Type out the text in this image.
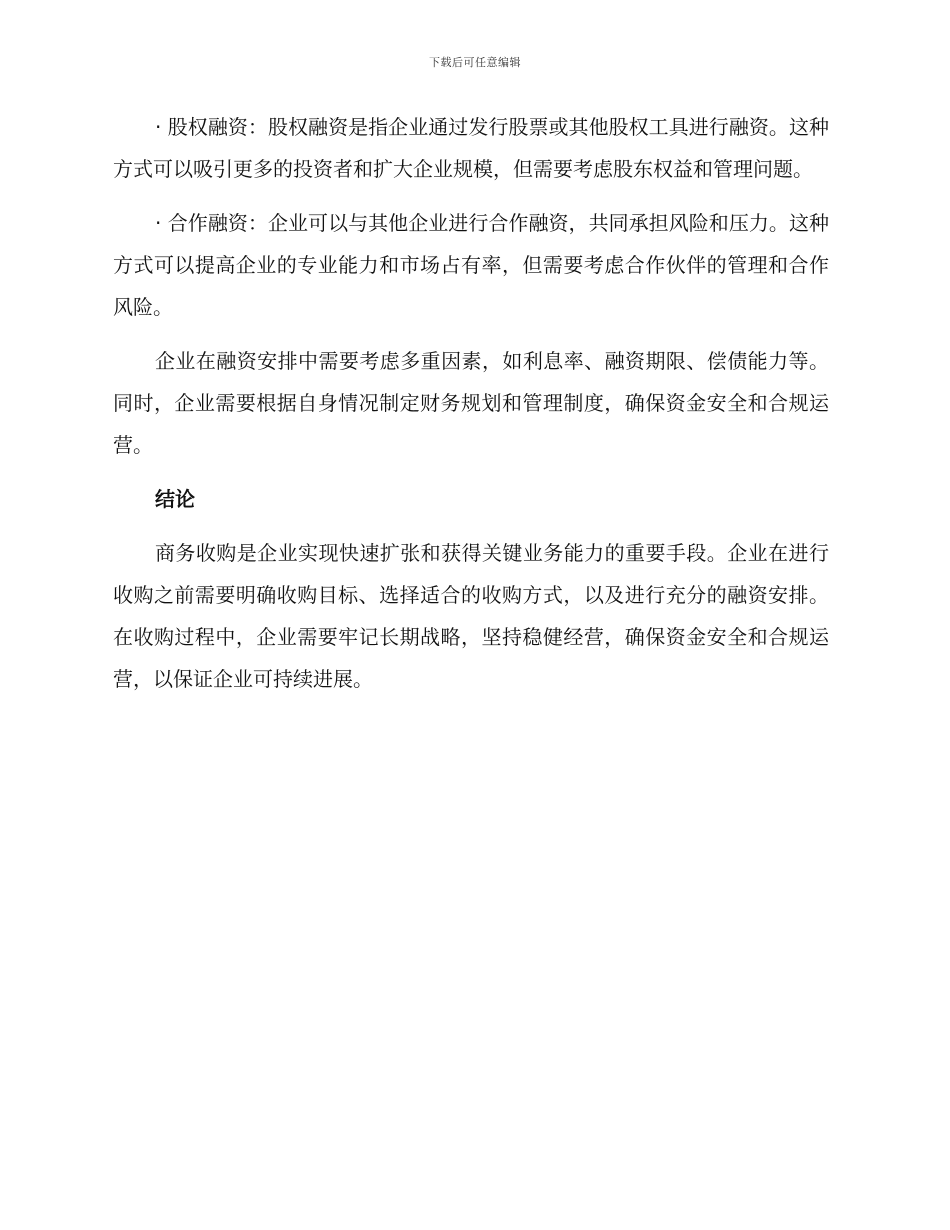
下载后可任意编辑

· 股权融资：股权融资是指企业通过发行股票或其他股权工具进行融资。这种方式可以吸引更多的投资者和扩大企业规模，但需要考虑股东权益和管理问题。

· 合作融资：企业可以与其他企业进行合作融资，共同承担风险和压力。这种方式可以提高企业的专业能力和市场占有率，但需要考虑合作伙伴的管理和合作风险。

企业在融资安排中需要考虑多重因素，如利息率、融资期限、偿债能力等。同时，企业需要根据自身情况制定财务规划和管理制度，确保资金安全和合规运营。

结论

商务收购是企业实现快速扩张和获得关键业务能力的重要手段。企业在进行收购之前需要明确收购目标、选择适合的收购方式，以及进行充分的融资安排。在收购过程中，企业需要牢记长期战略，坚持稳健经营，确保资金安全和合规运营，以保证企业可持续进展。
